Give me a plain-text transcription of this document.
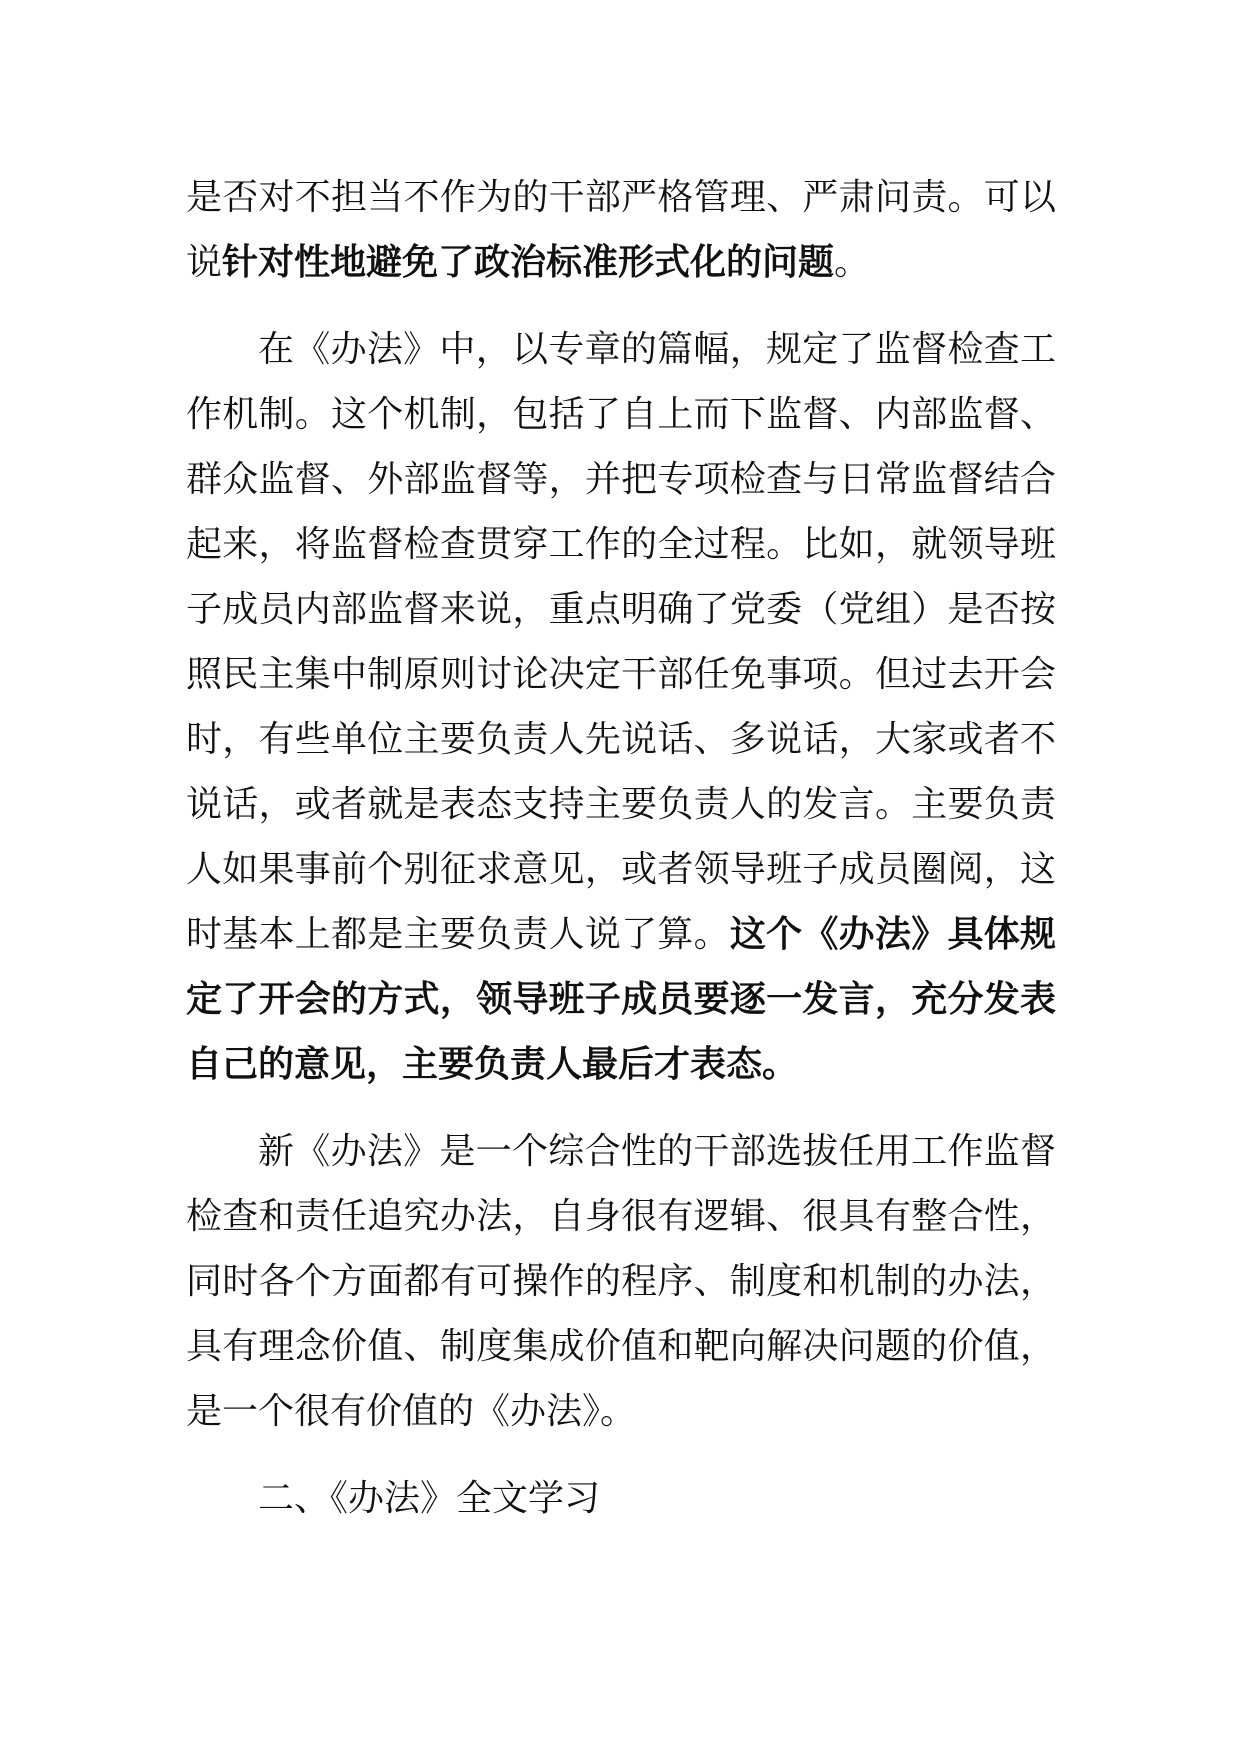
是否对不担当不作为的干部严格管理、严肃问责。可以说针对性地避免了政治标准形式化的问题。

在《办法》中，以专章的篇幅，规定了监督检查工作机制。这个机制，包括了自上而下监督、内部监督、群众监督、外部监督等，并把专项检查与日常监督结合起来，将监督检查贯穿工作的全过程。比如，就领导班子成员内部监督来说，重点明确了党委（党组）是否按照民主集中制原则讨论决定干部任免事项。但过去开会时，有些单位主要负责人先说话、多说话，大家或者不说话，或者就是表态支持主要负责人的发言。主要负责人如果事前个别征求意见，或者领导班子成员圈阅，这时基本上都是主要负责人说了算。这个《办法》具体规定了开会的方式，领导班子成员要逐一发言，充分发表自己的意见，主要负责人最后才表态。

新《办法》是一个综合性的干部选拔任用工作监督检查和责任追究办法，自身很有逻辑、很具有整合性，同时各个方面都有可操作的程序、制度和机制的办法，具有理念价值、制度集成价值和靶向解决问题的价值，是一个很有价值的《办法》。

二、《办法》全文学习
